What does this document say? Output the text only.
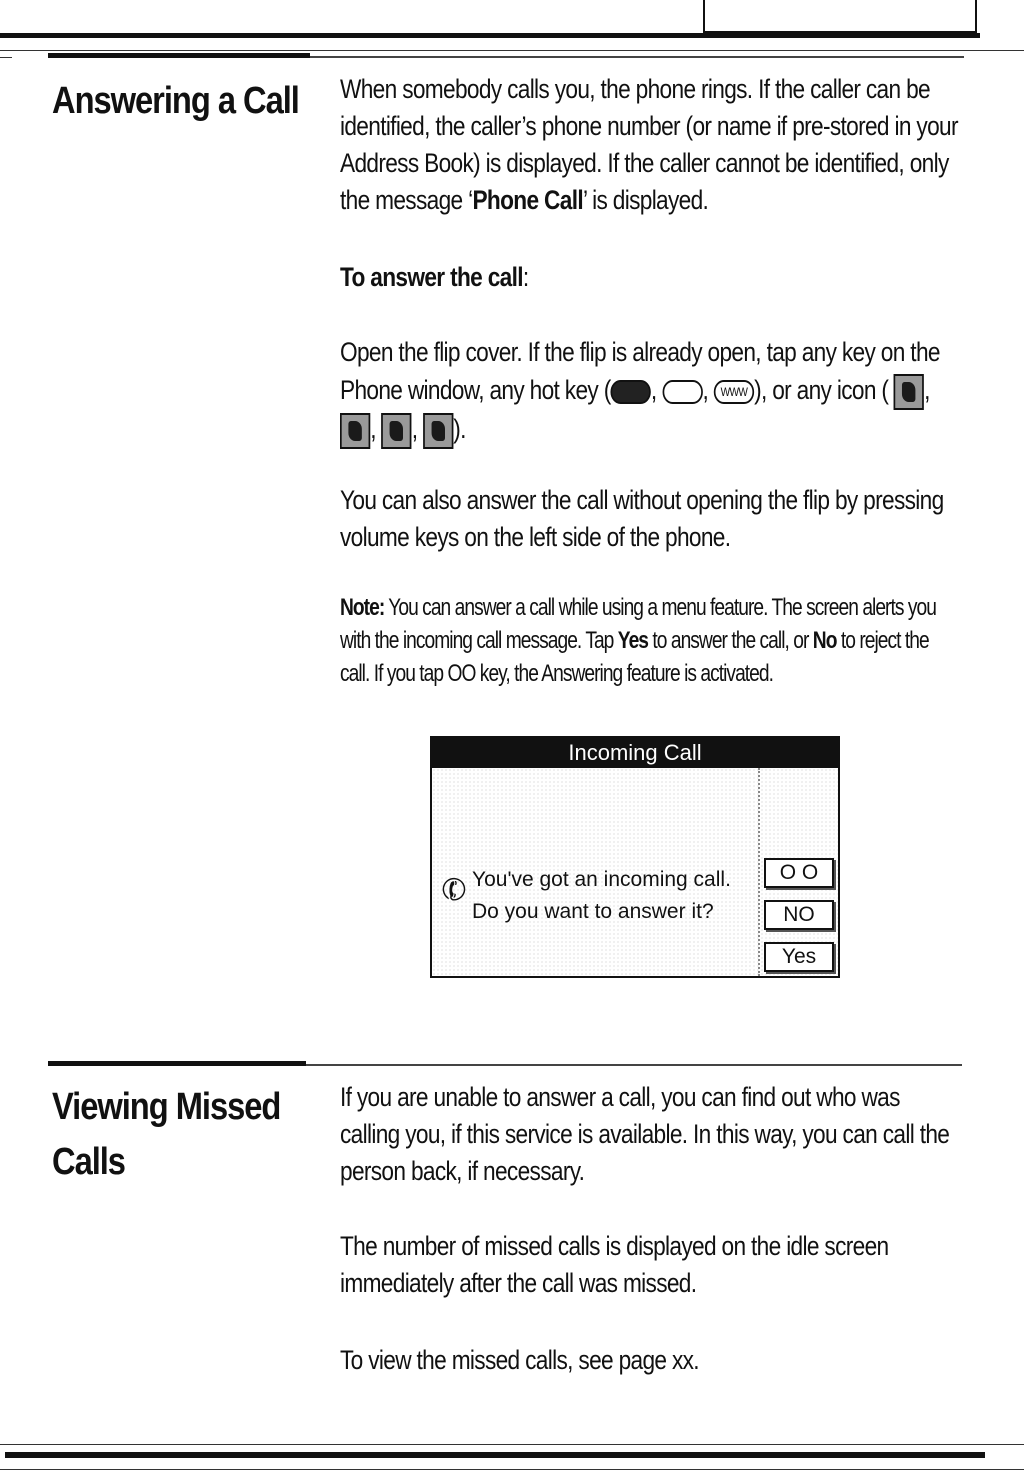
Answering a Call When somebody calls you, the phone rings. If the caller can be identified, the caller’s phone number (or name if pre-stored in your Address Book) is displayed. If the caller cannot be identified, only the message ‘Phone Call’ is displayed.

To answer the call:

Open the flip cover. If the flip is already open, tap any key on the Phone window, any hot key ( , , WWW ), or any icon ( ,
, , ).

You can also answer the call without opening the flip by pressing volume keys on the left side of the phone.

Note: You can answer a call while using a menu feature. The screen alerts you with the incoming call message. Tap Yes to answer the call, or No to reject the call. If you tap OO key, the Answering feature is activated.
Incoming Call
✆ You've got an incoming call.
Do you want to answer it?
O O
NO
Yes
Viewing Missed
Calls

If you are unable to answer a call, you can find out who was calling you, if this service is available. In this way, you can call the person back, if necessary.

The number of missed calls is displayed on the idle screen immediately after the call was missed.

To view the missed calls, see page xx.
